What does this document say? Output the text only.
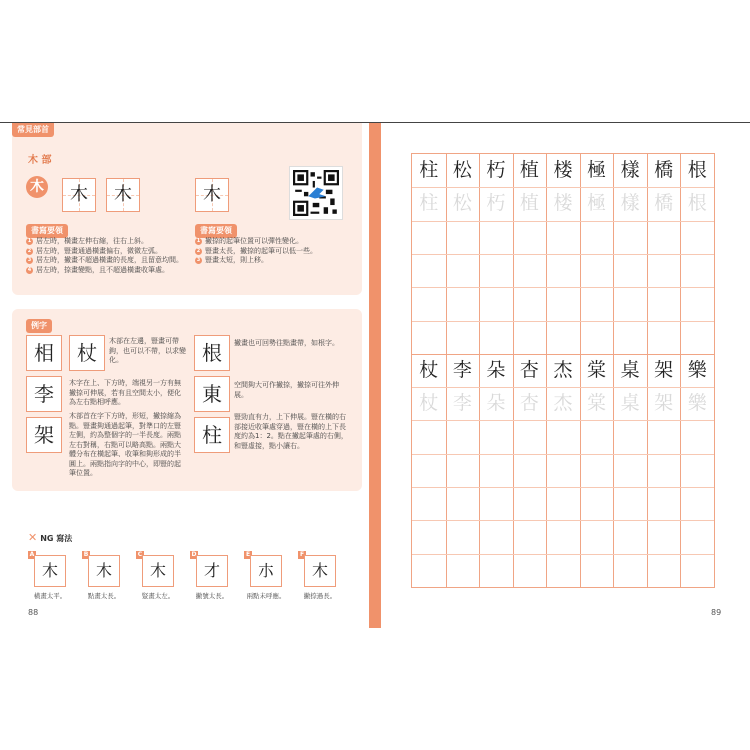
常見部首
木 部
木	木	木	木
書寫要領
1 居左時，橫畫左伸右縮，往右上斜。
2 居左時，豎畫通過橫畫偏右，微微左弧。
3 居左時，撇畫不超過橫畫的長度，且留意均間。
4 居左時，捺畫變點，且不超過橫畫收筆處。
書寫要領
1 撇捺的起筆位置可以彈性變化。
2 豎畫太長，撇捺的起筆可以低一些。
3 豎畫太短，則上移。
例字
相	杖	木部在左邊，豎畫可帶鉤，也可以不帶，以求變化。	根	撇畫也可回勢往點畫帶，如根字。
李	木字在上、下方時，端視另一方有無撇捺可伸展，若有且空間太小，便化為左右點相呼應。	東	空間夠大可作撇捺，撇捺可往外伸展。
架
木部首在字下方時，形短，撇捺縮為點。豎畫夠通過起筆，對準口的左豎左側，約為整個字的一半長度。兩點左右對稱，右點可以略高點。兩點大體分布在橫起筆、收筆和夠形成的半圓上。兩點指向字的中心，即豎的起筆位置。
柱
豎勁直有力，上下伸展。豎在橫的右部接近收筆處穿過，豎在橫的上下長度約為1：2。點在撇起筆處的右側，和豎虛接，點小讓右。
✕ NG 寫法
A
木
橫畫太平。
B
木
點畫太長。
C
木
豎畫太左。
D
才
撇號太長。
E
朩
兩點未呼應。
F
木
撇捺過長。
88
柱 松 朽 植 楼 極 樣 橋 根
柱 松 朽 植 楼 極 樣 橋 根
杖 李 朵 杏 杰 棠 桌 架 樂
杖 李 朵 杏 杰 棠 桌 架 樂
89
